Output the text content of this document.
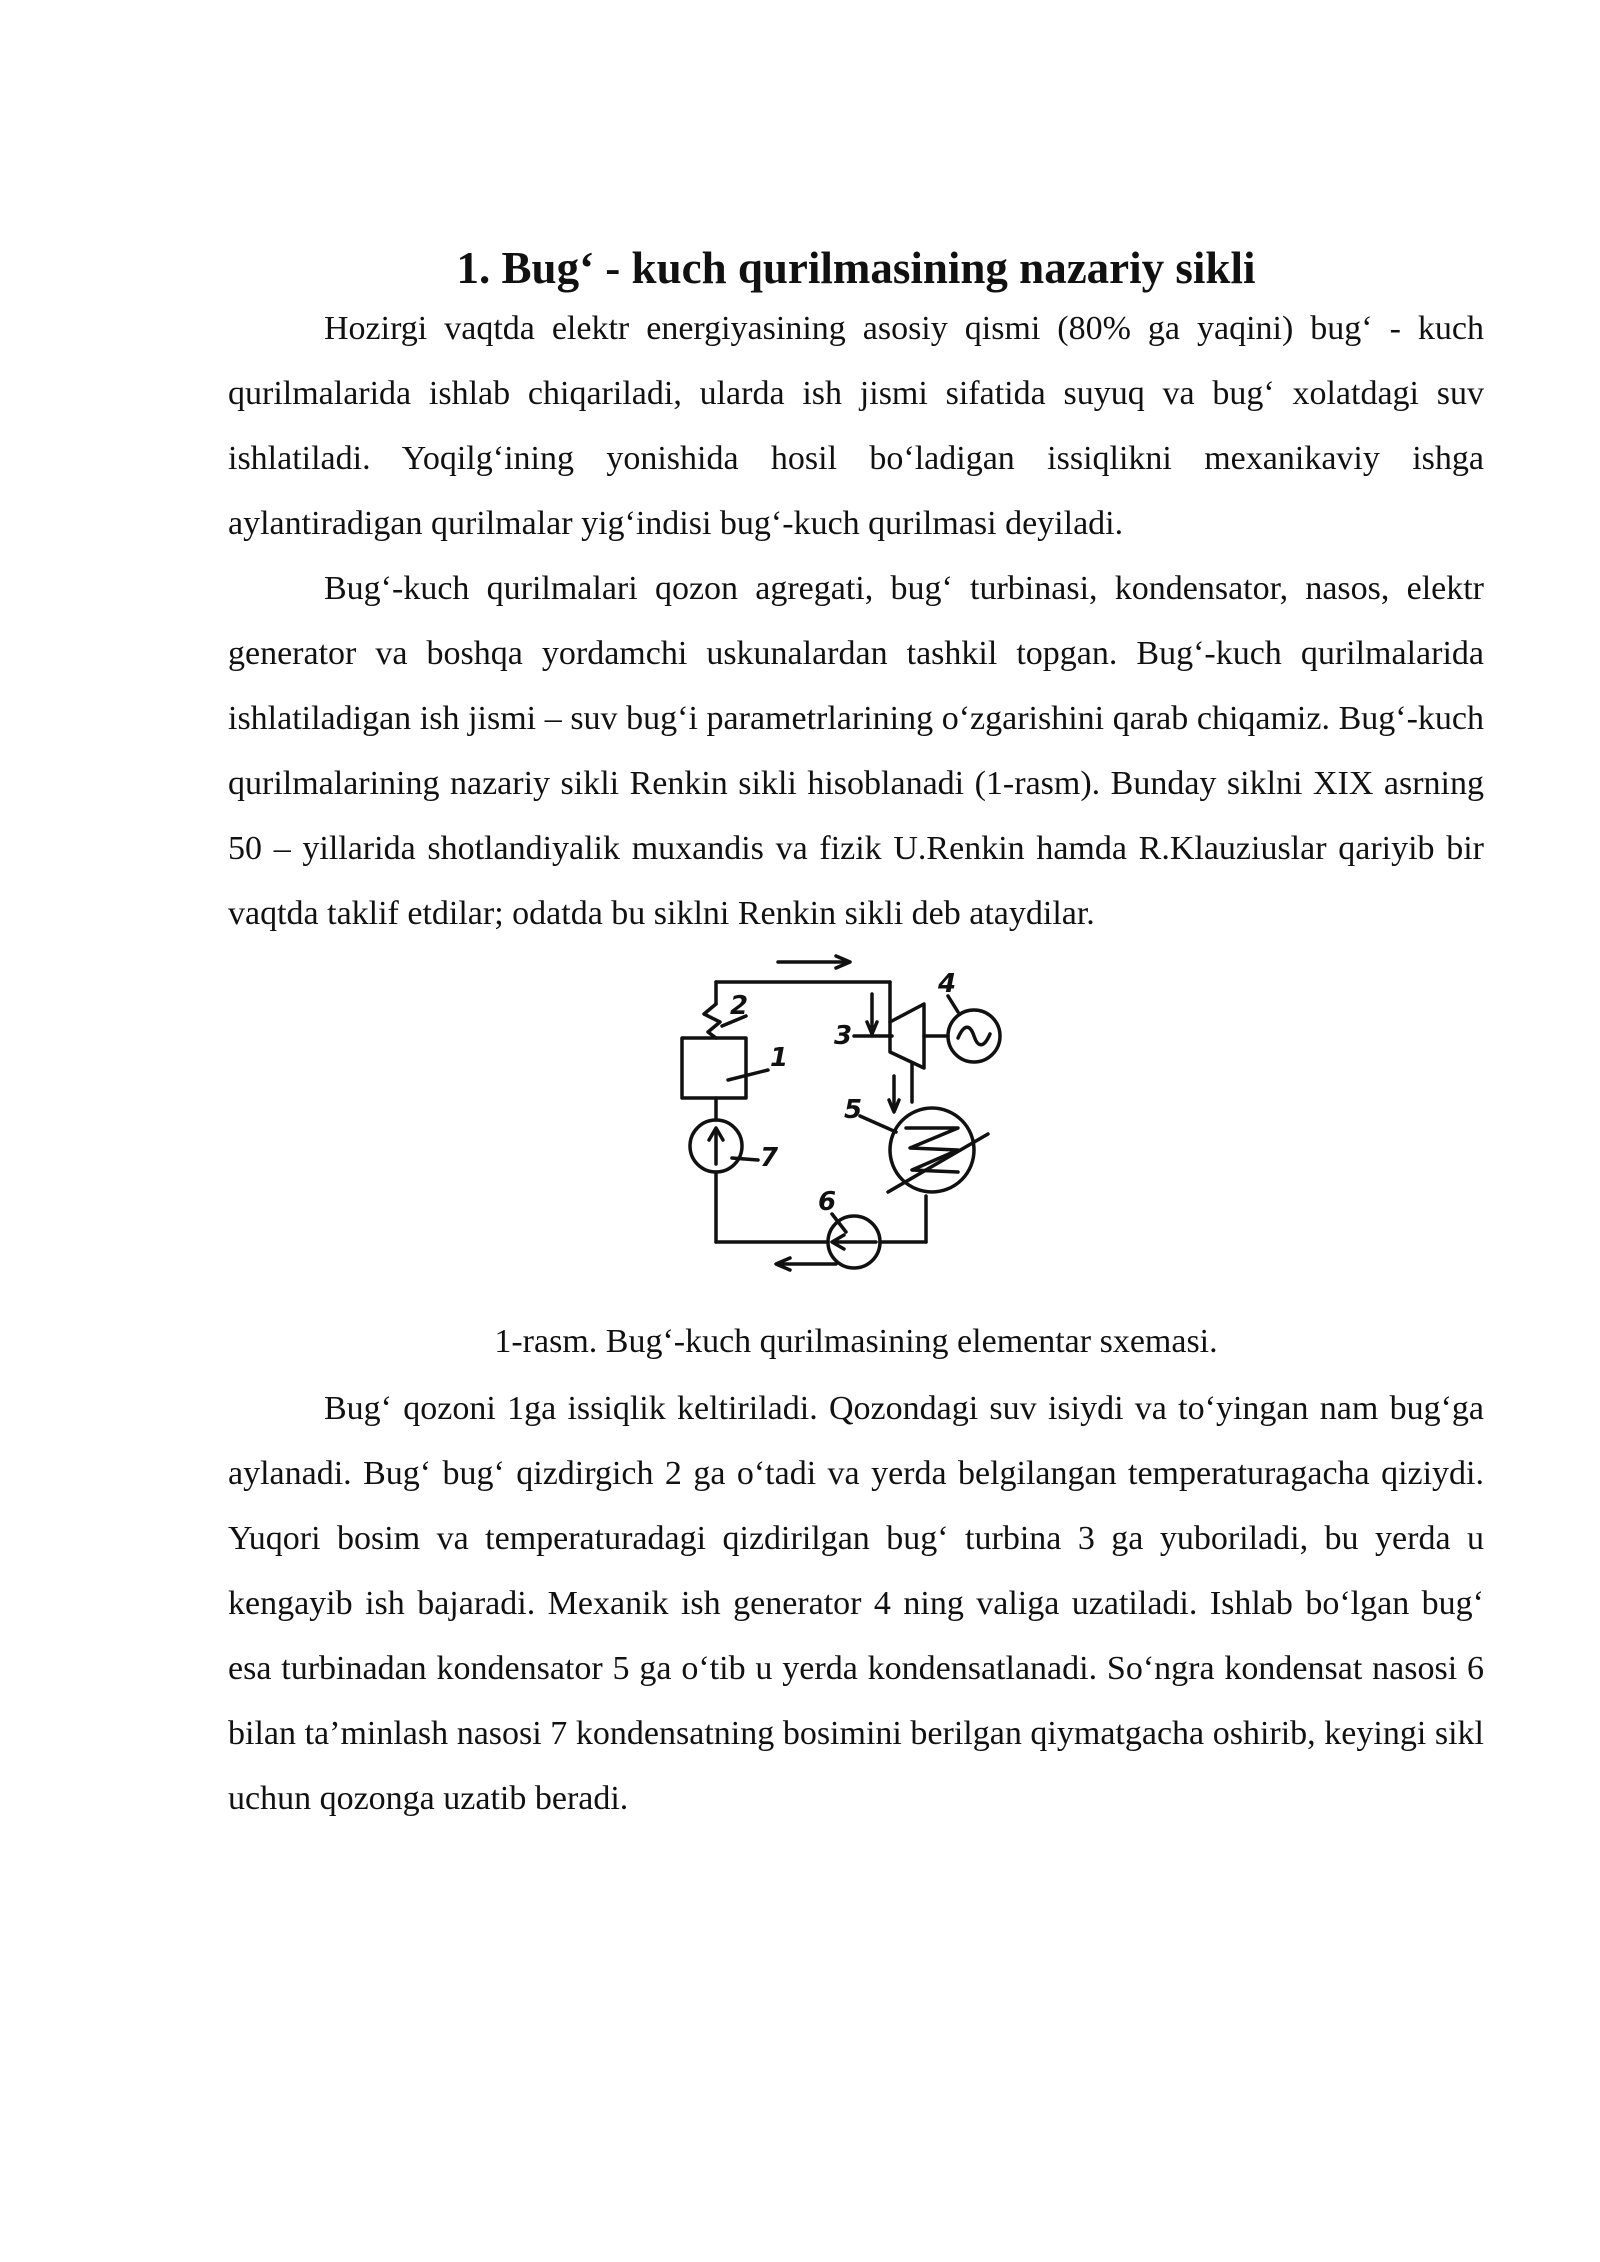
1. Bug‘ - kuch qurilmasining nazariy sikli

Hozirgi vaqtda elektr energiyasining asosiy qismi (80% ga yaqini) bug‘ - kuch qurilmalarida ishlab chiqariladi, ularda ish jismi sifatida suyuq va bug‘ xolatdagi suv ishlatiladi. Yoqilg‘ining yonishida hosil bo‘ladigan issiqlikni mexanikaviy ishga aylantiradigan qurilmalar yig‘indisi bug‘-kuch qurilmasi deyiladi.

Bug‘-kuch qurilmalari qozon agregati, bug‘ turbinasi, kondensator, nasos, elektr generator va boshqa yordamchi uskunalardan tashkil topgan. Bug‘-kuch qurilmalarida ishlatiladigan ish jismi – suv bug‘i parametrlarining o‘zgarishini qarab chiqamiz. Bug‘-kuch qurilmalarining nazariy sikli Renkin sikli hisoblanadi (1-rasm). Bunday siklni XIX asrning 50 – yillarida shotlandiyalik muxandis va fizik U.Renkin hamda R.Klauziuslar qariyib bir vaqtda taklif etdilar; odatda bu siklni Renkin sikli deb ataydilar.

2
1
7
6
3
4
5

1-rasm. Bug‘-kuch qurilmasining elementar sxemasi.

Bug‘ qozoni 1ga issiqlik keltiriladi. Qozondagi suv isiydi va to‘yingan nam bug‘ga aylanadi. Bug‘ bug‘ qizdirgich 2 ga o‘tadi va yerda belgilangan temperaturagacha qiziydi. Yuqori bosim va temperaturadagi qizdirilgan bug‘ turbina 3 ga yuboriladi, bu yerda u kengayib ish bajaradi. Mexanik ish generator 4 ning valiga uzatiladi. Ishlab bo‘lgan bug‘ esa turbinadan kondensator 5 ga o‘tib u yerda kondensatlanadi. So‘ngra kondensat nasosi 6 bilan ta’minlash nasosi 7 kondensatning bosimini berilgan qiymatgacha oshirib, keyingi sikl uchun qozonga uzatib beradi.
